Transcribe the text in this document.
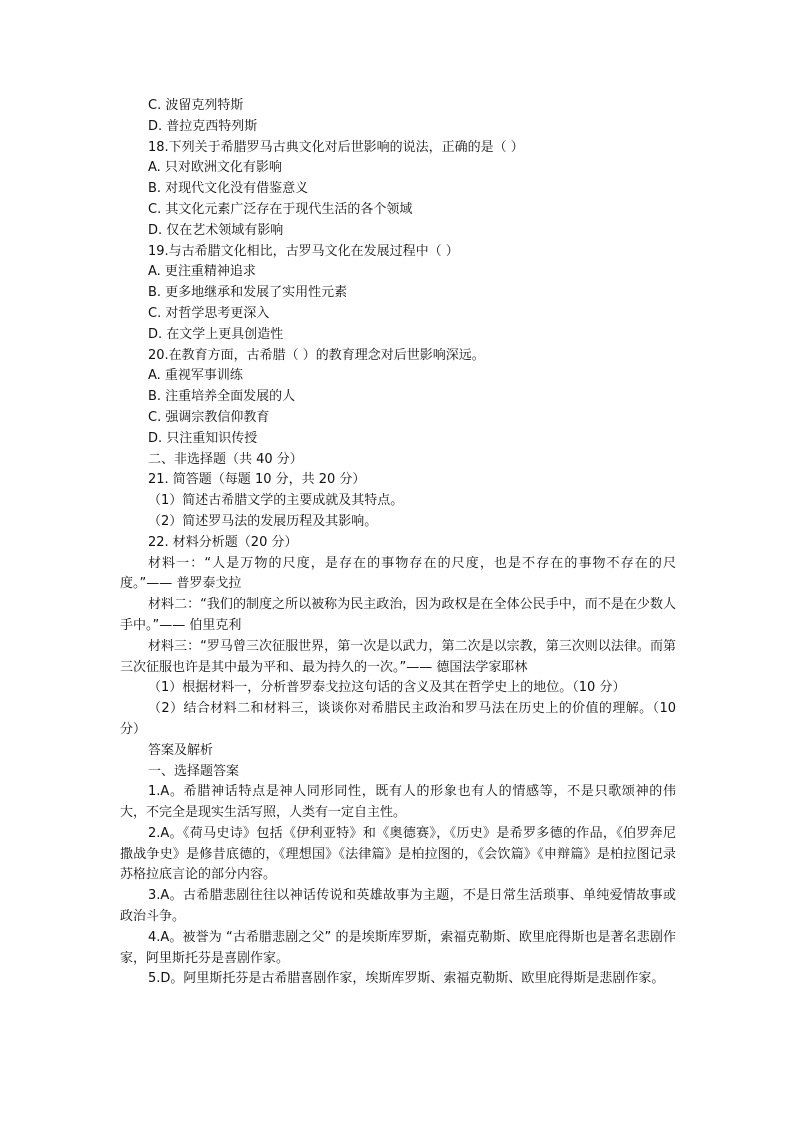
C. 波留克列特斯
D. 普拉克西特列斯
18.下列关于希腊罗马古典文化对后世影响的说法，正确的是（ ）
A. 只对欧洲文化有影响
B. 对现代文化没有借鉴意义
C. 其文化元素广泛存在于现代生活的各个领域
D. 仅在艺术领域有影响
19.与古希腊文化相比，古罗马文化在发展过程中（ ）
A. 更注重精神追求
B. 更多地继承和发展了实用性元素
C. 对哲学思考更深入
D. 在文学上更具创造性
20.在教育方面，古希腊（ ）的教育理念对后世影响深远。
A. 重视军事训练
B. 注重培养全面发展的人
C. 强调宗教信仰教育
D. 只注重知识传授
二、非选择题（共 40 分）
21. 简答题（每题 10 分，共 20 分）
（1）简述古希腊文学的主要成就及其特点。
（2）简述罗马法的发展历程及其影响。
22. 材料分析题（20 分）
材料一：“人是万物的尺度，是存在的事物存在的尺度，也是不存在的事物不存在的尺度。”—— 普罗泰戈拉
材料二：“我们的制度之所以被称为民主政治，因为政权是在全体公民手中，而不是在少数人手中。”—— 伯里克利
材料三：“罗马曾三次征服世界，第一次是以武力，第二次是以宗教，第三次则以法律。而第三次征服也许是其中最为平和、最为持久的一次。”—— 德国法学家耶林
（1）根据材料一，分析普罗泰戈拉这句话的含义及其在哲学史上的地位。（10 分）
（2）结合材料二和材料三，谈谈你对希腊民主政治和罗马法在历史上的价值的理解。（10 分）
答案及解析
一、选择题答案
1.A。希腊神话特点是神人同形同性，既有人的形象也有人的情感等，不是只歌颂神的伟大，不完全是现实生活写照，人类有一定自主性。
2.A。《荷马史诗》包括《伊利亚特》和《奥德赛》，《历史》是希罗多德的作品，《伯罗奔尼撒战争史》是修昔底德的，《理想国》《法律篇》是柏拉图的，《会饮篇》《申辩篇》是柏拉图记录苏格拉底言论的部分内容。
3.A。古希腊悲剧往往以神话传说和英雄故事为主题，不是日常生活琐事、单纯爱情故事或政治斗争。
4.A。被誉为 “古希腊悲剧之父” 的是埃斯库罗斯，索福克勒斯、欧里庇得斯也是著名悲剧作家，阿里斯托芬是喜剧作家。
5.D。阿里斯托芬是古希腊喜剧作家，埃斯库罗斯、索福克勒斯、欧里庇得斯是悲剧作家。
